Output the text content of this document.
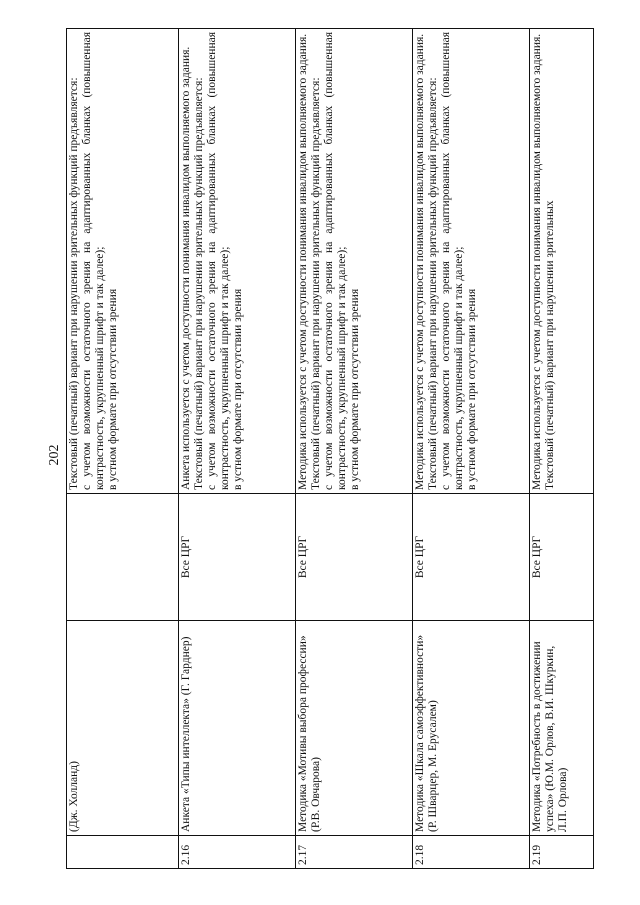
202
	(Дж. Холланд)		Текстовый (печатный) вариант при нарушении зрительных функций предъявляется: с учетом возможности остаточного зрения на адаптированных бланках (повышенная контрастность, укрупненный шрифт и так далее); в устном формате при отсутствии зрения

2.16	Анкета «Типы интеллекта» (Г. Гарднер)	Все ЦРГ	Анкета используется с учетом доступности понимания инвалидом выполняемого задания. Текстовый (печатный) вариант при нарушении зрительных функций предъявляется: с учетом возможности остаточного зрения на адаптированных бланках (повышенная контрастность, укрупненный шрифт и так далее); в устном формате при отсутствии зрения

2.17	Методика «Мотивы выбора профессии» (Р.В. Овчарова)	Все ЦРГ	Методика используется с учетом доступности понимания инвалидом выполняемого задания. Текстовый (печатный) вариант при нарушении зрительных функций предъявляется: с учетом возможности остаточного зрения на адаптированных бланках (повышенная контрастность, укрупненный шрифт и так далее); в устном формате при отсутствии зрения

2.18	Методика «Шкала самоэффективности» (Р. Шварцер, М. Ерусалем)	Все ЦРГ	Методика используется с учетом доступности понимания инвалидом выполняемого задания. Текстовый (печатный) вариант при нарушении зрительных функций предъявляется: с учетом возможности остаточного зрения на адаптированных бланках (повышенная контрастность, укрупненный шрифт и так далее); в устном формате при отсутствии зрения

2.19	Методика «Потребность в достижении успеха» (Ю.М. Орлов, В.И. Шкуркин, Л.П. Орлова)	Все ЦРГ	Методика используется с учетом доступности понимания инвалидом выполняемого задания. Текстовый (печатный) вариант при нарушении зрительных
